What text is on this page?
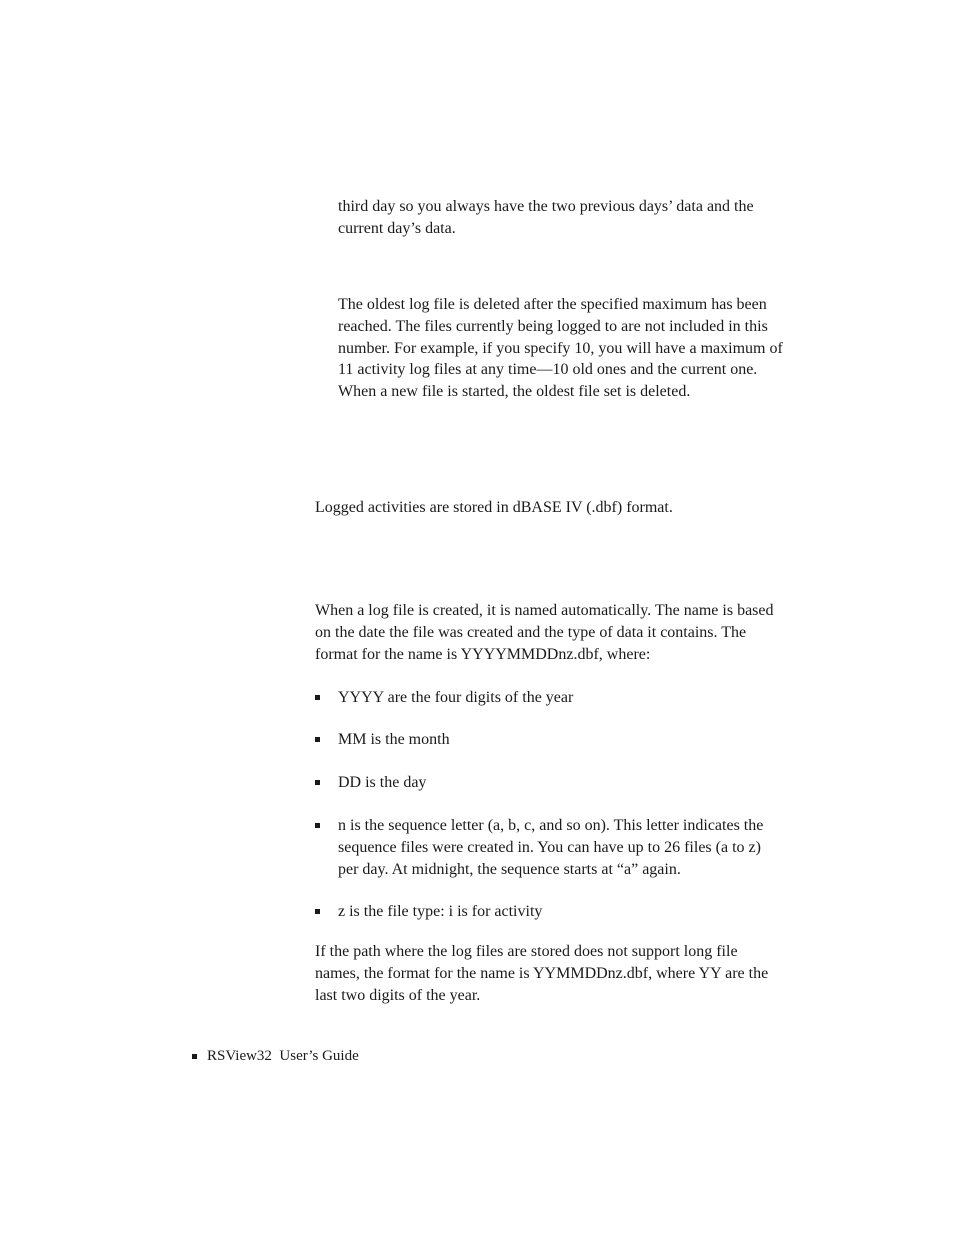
third day so you always have the two previous days’ data and the current day’s data.

The oldest log file is deleted after the specified maximum has been reached. The files currently being logged to are not included in this number. For example, if you specify 10, you will have a maximum of 11 activity log files at any time—10 old ones and the current one. When a new file is started, the oldest file set is deleted.

Logged activities are stored in dBASE IV (.dbf) format.

When a log file is created, it is named automatically. The name is based on the date the file was created and the type of data it contains. The format for the name is YYYYMMDDnz.dbf, where:

YYYY are the four digits of the year
MM is the month
DD is the day
n is the sequence letter (a, b, c, and so on). This letter indicates the sequence files were created in. You can have up to 26 files (a to z) per day. At midnight, the sequence starts at “a” again.
z is the file type: i is for activity

If the path where the log files are stored does not support long file names, the format for the name is YYMMDDnz.dbf, where YY are the last two digits of the year.

RSView32  User’s Guide
